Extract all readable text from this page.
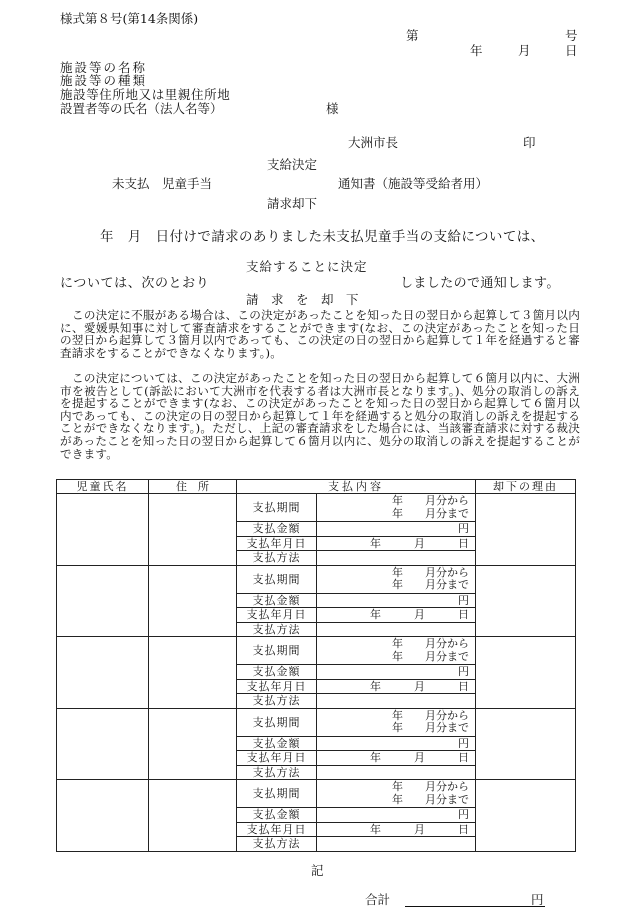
様式第８号(第14条関係)
第	号
年	月	日
施設等の名称
施設等の種類
施設等住所地又は里親住所地
設置者等の氏名（法人名等）	様
大洲市長	印
支給決定
未支払　児童手当	通知書（施設等受給者用）
請求却下
年　月　日付けで請求のありました未支払児童手当の支給については、
支給することに決定
については、次のとおり	しましたので通知します。
請　求　を　却　下
この決定に不服がある場合は、この決定があったことを知った日の翌日から起算して３箇月以内に、愛媛県知事に対して審査請求をすることができます(なお、この決定があったことを知った日の翌日から起算して３箇月以内であっても、この決定の日の翌日から起算して１年を経過すると審査請求をすることができなくなります。)。
この決定については、この決定があったことを知った日の翌日から起算して６箇月以内に、大洲市を被告として(訴訟において大洲市を代表する者は大洲市長となります。)、処分の取消しの訴えを提起することができます(なお、この決定があったことを知った日の翌日から起算して６箇月以内であっても、この決定の日の翌日から起算して１年を経過すると処分の取消しの訴えを提起することができなくなります。)。ただし、上記の審査請求をした場合には、当該審査請求に対する裁決があったことを知った日の翌日から起算して６箇月以内に、処分の取消しの訴えを提起することができます。
児童氏名	住　所	支払内容		却下の理由
		支払期間	年　　月分から
年　　月分まで	

		支払金額	円	
		支払年月日	年　　　月　　　日	
		支払方法		
		支払期間	年　　月分から
年　　月分まで	

		支払金額	円	
		支払年月日	年　　　月　　　日	
		支払方法		
		支払期間	年　　月分から
年　　月分まで	

		支払金額	円	
		支払年月日	年　　　月　　　日	
		支払方法		
		支払期間	年　　月分から
年　　月分まで	

		支払金額	円	
		支払年月日	年　　　月　　　日	
		支払方法		
		支払期間	年　　月分から
年　　月分まで	

		支払金額	円	
		支払年月日	年　　　月　　　日	
		支払方法		
記
合計	円
